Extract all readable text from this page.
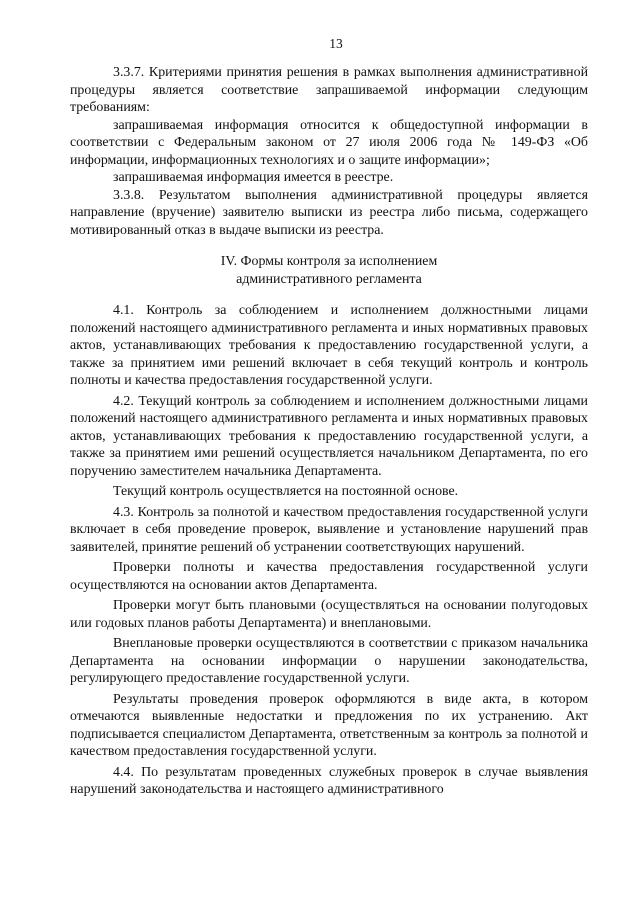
13

3.3.7. Критериями принятия решения в рамках выполнения административной процедуры является соответствие запрашиваемой информации следующим требованиям:

запрашиваемая информация относится к общедоступной информации в соответствии с Федеральным законом от 27 июля 2006 года № 149-ФЗ «Об информации, информационных технологиях и о защите информации»;

запрашиваемая информация имеется в реестре.

3.3.8. Результатом выполнения административной процедуры является направление (вручение) заявителю выписки из реестра либо письма, содержащего мотивированный отказ в выдаче выписки из реестра.

IV. Формы контроля за исполнением
административного регламента

4.1. Контроль за соблюдением и исполнением должностными лицами положений настоящего административного регламента и иных нормативных правовых актов, устанавливающих требования к предоставлению государственной услуги, а также за принятием ими решений включает в себя текущий контроль и контроль полноты и качества предоставления государственной услуги.

4.2. Текущий контроль за соблюдением и исполнением должностными лицами положений настоящего административного регламента и иных нормативных правовых актов, устанавливающих требования к предоставлению государственной услуги, а также за принятием ими решений осуществляется начальником Департамента, по его поручению заместителем начальника Департамента.

Текущий контроль осуществляется на постоянной основе.

4.3. Контроль за полнотой и качеством предоставления государственной услуги включает в себя проведение проверок, выявление и установление нарушений прав заявителей, принятие решений об устранении соответствующих нарушений.

Проверки полноты и качества предоставления государственной услуги осуществляются на основании актов Департамента.

Проверки могут быть плановыми (осуществляться на основании полугодовых или годовых планов работы Департамента) и внеплановыми.

Внеплановые проверки осуществляются в соответствии с приказом начальника Департамента на основании информации о нарушении законодательства, регулирующего предоставление государственной услуги.

Результаты проведения проверок оформляются в виде акта, в котором отмечаются выявленные недостатки и предложения по их устранению. Акт подписывается специалистом Департамента, ответственным за контроль за полнотой и качеством предоставления государственной услуги.

4.4. По результатам проведенных служебных проверок в случае выявления нарушений законодательства и настоящего административного
